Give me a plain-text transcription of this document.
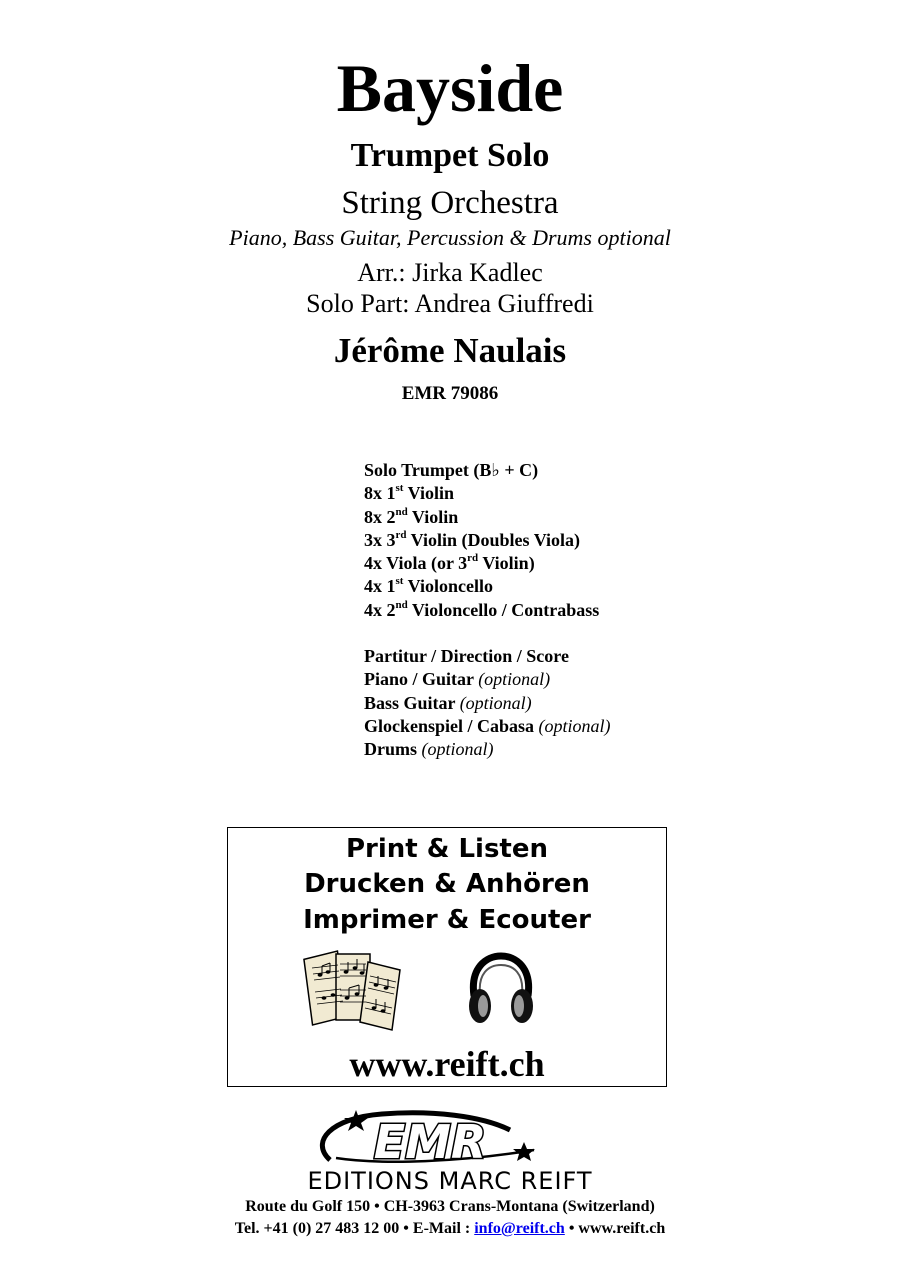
Bayside
Trumpet Solo
String Orchestra
Piano, Bass Guitar, Percussion & Drums optional
Arr.: Jirka Kadlec
Solo Part: Andrea Giuffredi
Jérôme Naulais
EMR 79086
Solo Trumpet (B♭ + C)
8x 1st Violin
8x 2nd Violin
3x 3rd Violin (Doubles Viola)
4x Viola (or 3rd Violin)
4x 1st Violoncello
4x 2nd Violoncello / Contrabass
Partitur / Direction / Score
Piano / Guitar (optional)
Bass Guitar (optional)
Glockenspiel / Cabasa (optional)
Drums (optional)
Print & Listen
Drucken & Anhören
Imprimer & Ecouter
www.reift.ch
EMR
EDITIONS MARC REIFT
Route du Golf 150 • CH-3963 Crans-Montana (Switzerland)
Tel. +41 (0) 27 483 12 00 • E-Mail : info@reift.ch • www.reift.ch
